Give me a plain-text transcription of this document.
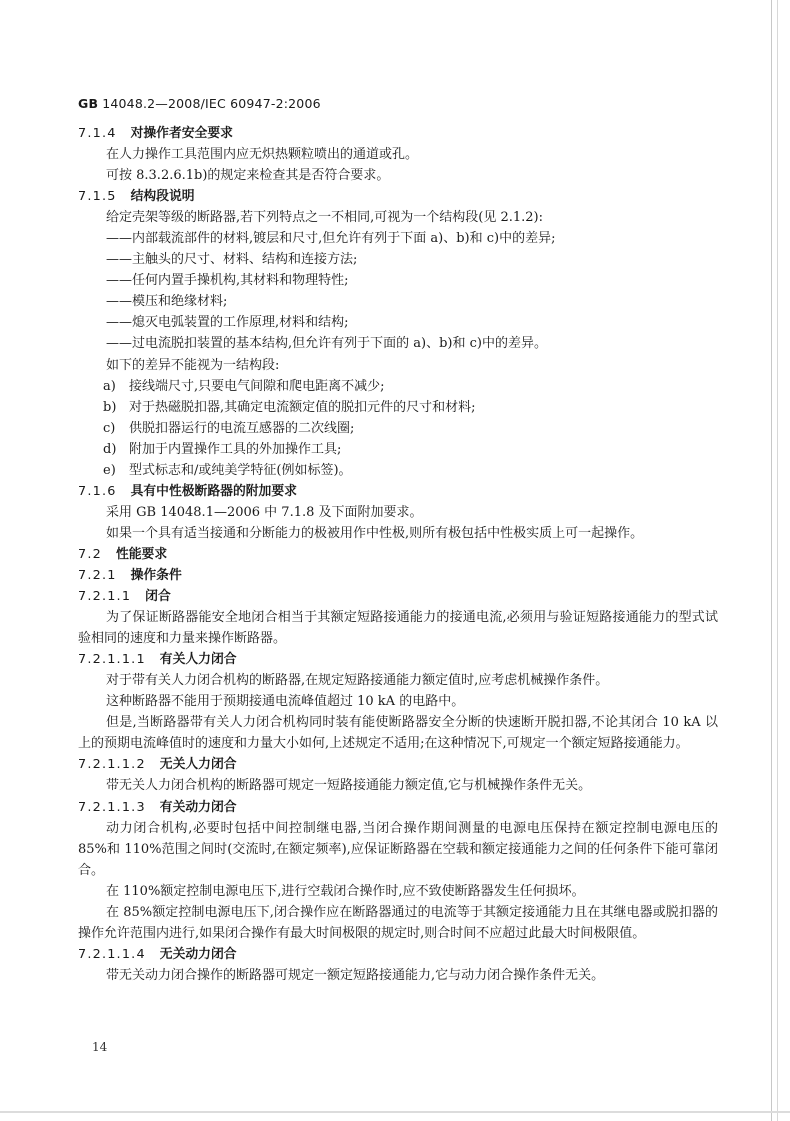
GB 14048.2—2008/IEC 60947-2:2006
7.1.4 对操作者安全要求
在人力操作工具范围内应无炽热颗粒喷出的通道或孔。
可按 8.3.2.6.1b)的规定来检查其是否符合要求。
7.1.5 结构段说明
给定壳架等级的断路器,若下列特点之一不相同,可视为一个结构段(见 2.1.2):
——内部载流部件的材料,镀层和尺寸,但允许有列于下面 a)、b)和 c)中的差异;
——主触头的尺寸、材料、结构和连接方法;
——任何内置手操机构,其材料和物理特性;
——模压和绝缘材料;
——熄灭电弧装置的工作原理,材料和结构;
——过电流脱扣装置的基本结构,但允许有列于下面的 a)、b)和 c)中的差异。
如下的差异不能视为一结构段:
a) 接线端尺寸,只要电气间隙和爬电距离不减少;
b) 对于热磁脱扣器,其确定电流额定值的脱扣元件的尺寸和材料;
c) 供脱扣器运行的电流互感器的二次线圈;
d) 附加于内置操作工具的外加操作工具;
e) 型式标志和/或纯美学特征(例如标签)。
7.1.6 具有中性极断路器的附加要求
采用 GB 14048.1—2006 中 7.1.8 及下面附加要求。
如果一个具有适当接通和分断能力的极被用作中性极,则所有极包括中性极实质上可一起操作。
7.2 性能要求
7.2.1 操作条件
7.2.1.1 闭合
为了保证断路器能安全地闭合相当于其额定短路接通能力的接通电流,必须用与验证短路接通能力的型式试验相同的速度和力量来操作断路器。
7.2.1.1.1 有关人力闭合
对于带有关人力闭合机构的断路器,在规定短路接通能力额定值时,应考虑机械操作条件。
这种断路器不能用于预期接通电流峰值超过 10 kA 的电路中。
但是,当断路器带有关人力闭合机构同时装有能使断路器安全分断的快速断开脱扣器,不论其闭合 10 kA 以上的预期电流峰值时的速度和力量大小如何,上述规定不适用;在这种情况下,可规定一个额定短路接通能力。
7.2.1.1.2 无关人力闭合
带无关人力闭合机构的断路器可规定一短路接通能力额定值,它与机械操作条件无关。
7.2.1.1.3 有关动力闭合
动力闭合机构,必要时包括中间控制继电器,当闭合操作期间测量的电源电压保持在额定控制电源电压的 85%和 110%范围之间时(交流时,在额定频率),应保证断路器在空载和额定接通能力之间的任何条件下能可靠闭合。
在 110%额定控制电源电压下,进行空载闭合操作时,应不致使断路器发生任何损坏。
在 85%额定控制电源电压下,闭合操作应在断路器通过的电流等于其额定接通能力且在其继电器或脱扣器的操作允许范围内进行,如果闭合操作有最大时间极限的规定时,则合时间不应超过此最大时间极限值。
7.2.1.1.4 无关动力闭合
带无关动力闭合操作的断路器可规定一额定短路接通能力,它与动力闭合操作条件无关。
14
